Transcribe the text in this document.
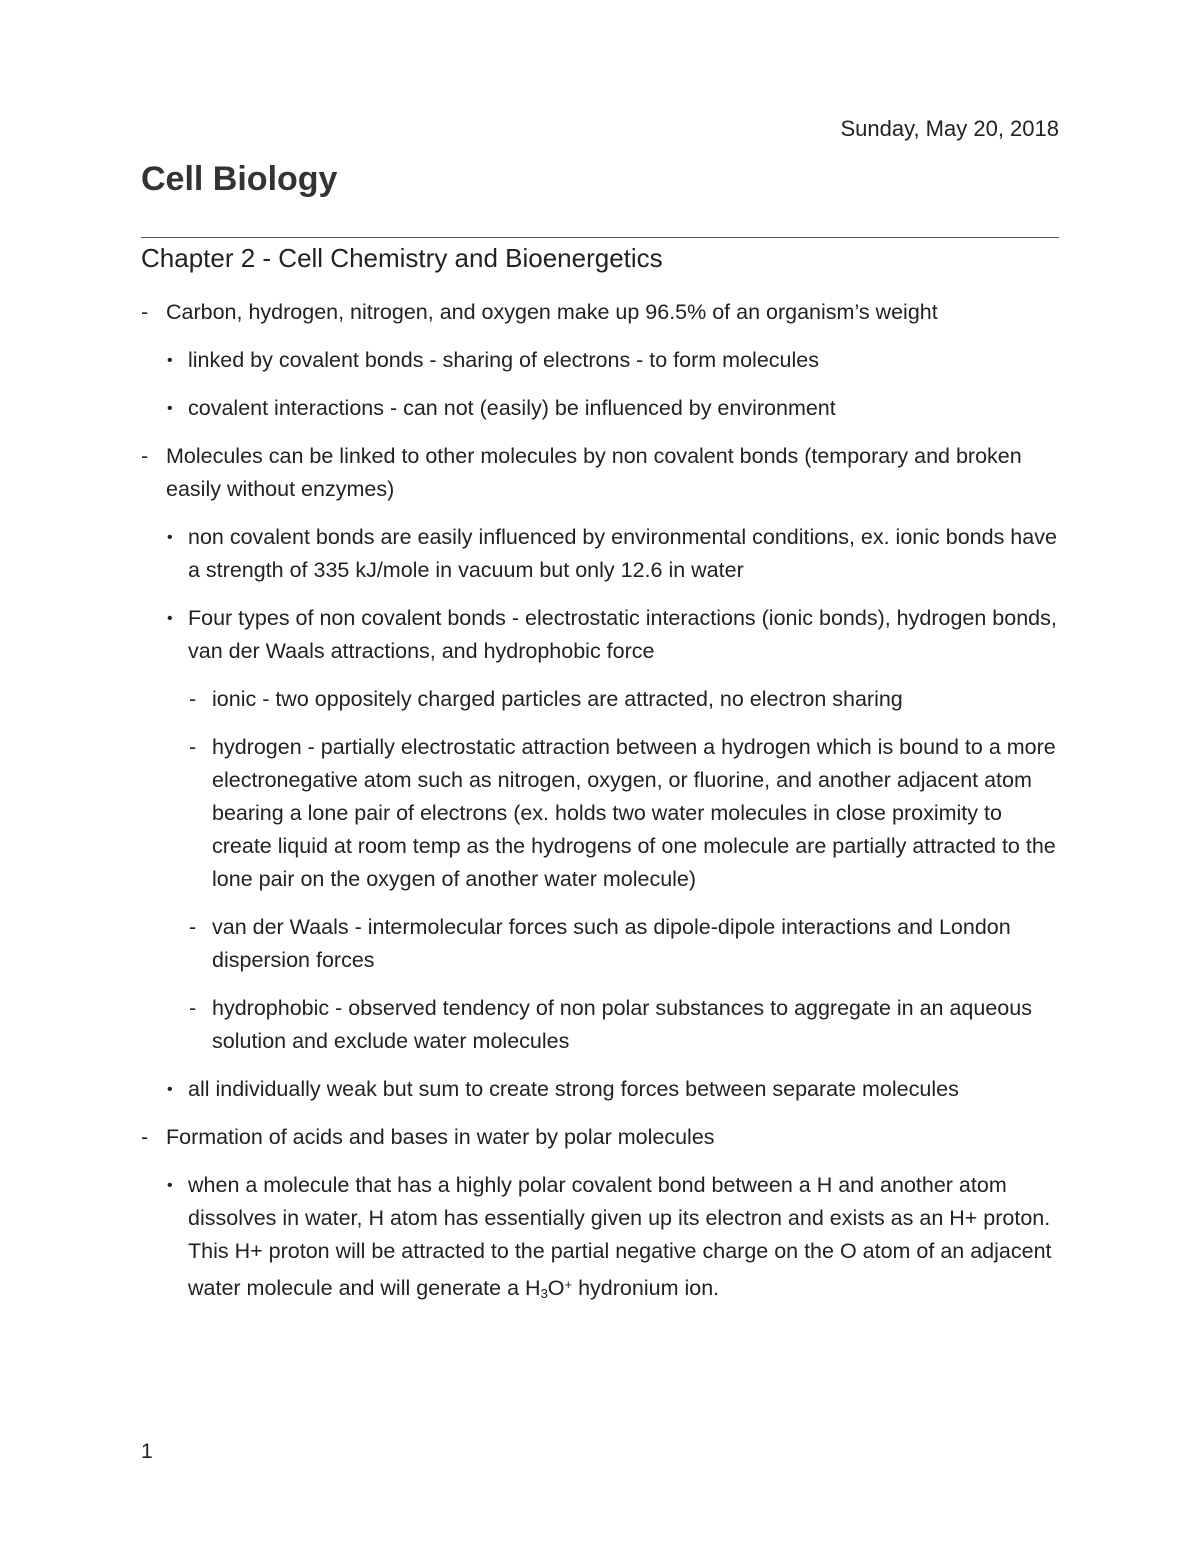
Sunday, May 20, 2018
Cell Biology
Chapter 2 - Cell Chemistry and Bioenergetics
- Carbon, hydrogen, nitrogen, and oxygen make up 96.5% of an organism’s weight
• linked by covalent bonds - sharing of electrons - to form molecules
• covalent interactions - can not (easily) be influenced by environment
- Molecules can be linked to other molecules by non covalent bonds (temporary and broken easily without enzymes)
• non covalent bonds are easily influenced by environmental conditions, ex. ionic bonds have a strength of 335 kJ/mole in vacuum but only 12.6 in water
• Four types of non covalent bonds - electrostatic interactions (ionic bonds), hydrogen bonds, van der Waals attractions, and hydrophobic force
- ionic - two oppositely charged particles are attracted, no electron sharing
- hydrogen - partially electrostatic attraction between a hydrogen which is bound to a more electronegative atom such as nitrogen, oxygen, or fluorine, and another adjacent atom bearing a lone pair of electrons (ex. holds two water molecules in close proximity to create liquid at room temp as the hydrogens of one molecule are partially attracted to the lone pair on the oxygen of another water molecule)
- van der Waals - intermolecular forces such as dipole-dipole interactions and London dispersion forces
- hydrophobic - observed tendency of non polar substances to aggregate in an aqueous solution and exclude water molecules
• all individually weak but sum to create strong forces between separate molecules
- Formation of acids and bases in water by polar molecules
• when a molecule that has a highly polar covalent bond between a H and another atom dissolves in water, H atom has essentially given up its electron and exists as an H+ proton. This H+ proton will be attracted to the partial negative charge on the O atom of an adjacent water molecule and will generate a $H_3O^+$ hydronium ion.
1
